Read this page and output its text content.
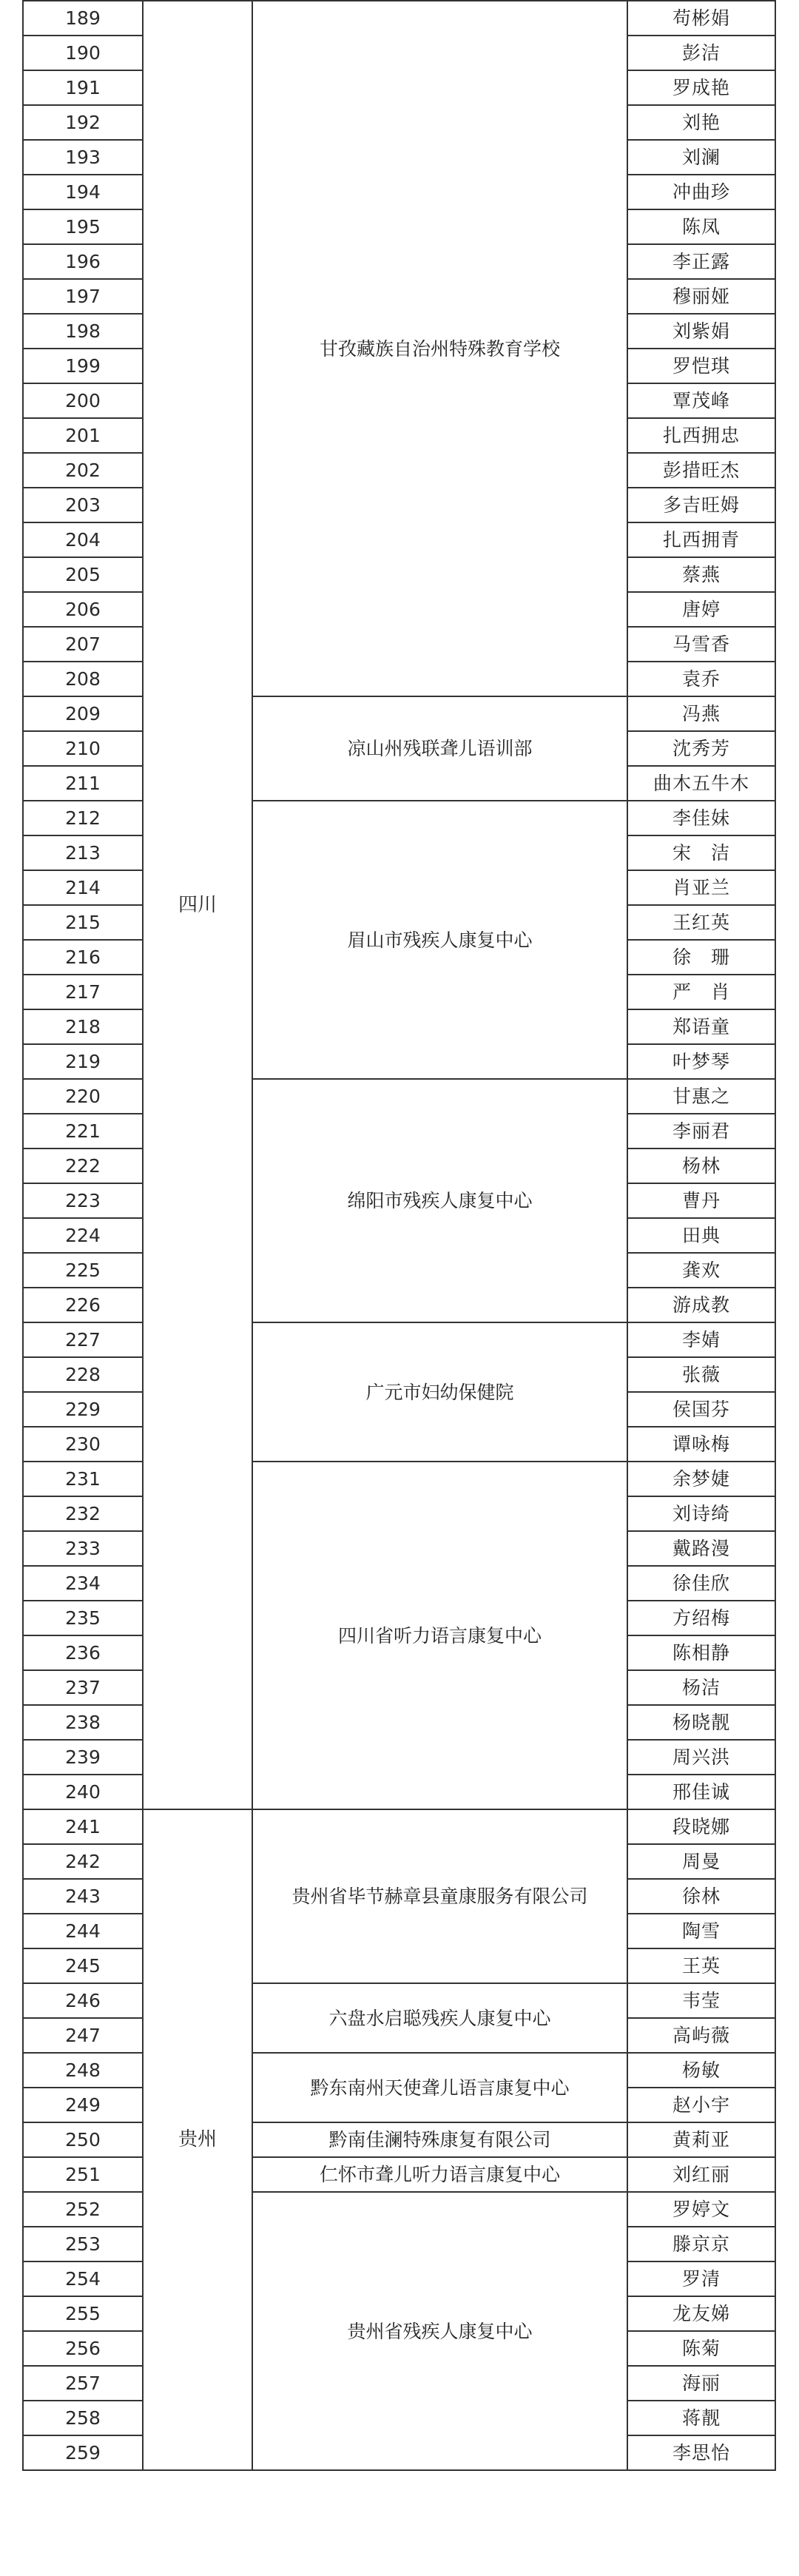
189	四川	甘孜藏族自治州特殊教育学校	苟彬娟
190			彭洁
191			罗成艳
192			刘艳
193			刘澜
194			冲曲珍
195			陈凤
196			李正露
197			穆丽娅
198			刘紫娟
199			罗恺琪
200			覃茂峰
201			扎西拥忠
202			彭措旺杰
203			多吉旺姆
204			扎西拥青
205			蔡燕
206			唐婷
207			马雪香
208			袁乔
209		凉山州残联聋儿语训部	冯燕
210			沈秀芳
211			曲木五牛木
212		眉山市残疾人康复中心	李佳妹
213			宋　洁
214			肖亚兰
215			王红英
216			徐　珊
217			严　肖
218			郑语童
219			叶梦琴
220		绵阳市残疾人康复中心	甘惠之
221			李丽君
222			杨林
223			曹丹
224			田典
225			龚欢
226			游成教
227		广元市妇幼保健院	李婧
228			张薇
229			侯国芬
230			谭咏梅
231		四川省听力语言康复中心	余梦婕
232			刘诗绮
233			戴路漫
234			徐佳欣
235			方绍梅
236			陈相静
237			杨洁
238			杨晓靓
239			周兴洪
240			邢佳诚
241	贵州	贵州省毕节赫章县童康服务有限公司	段晓娜
242			周曼
243			徐林
244			陶雪
245			王英
246		六盘水启聪残疾人康复中心	韦莹
247			高屿薇
248		黔东南州天使聋儿语言康复中心	杨敏
249			赵小宇
250		黔南佳澜特殊康复有限公司	黄莉亚
251		仁怀市聋儿听力语言康复中心	刘红丽
252		贵州省残疾人康复中心	罗婷文
253			滕京京
254			罗清
255			龙友娣
256			陈菊
257			海丽
258			蒋靓
259			李思怡
